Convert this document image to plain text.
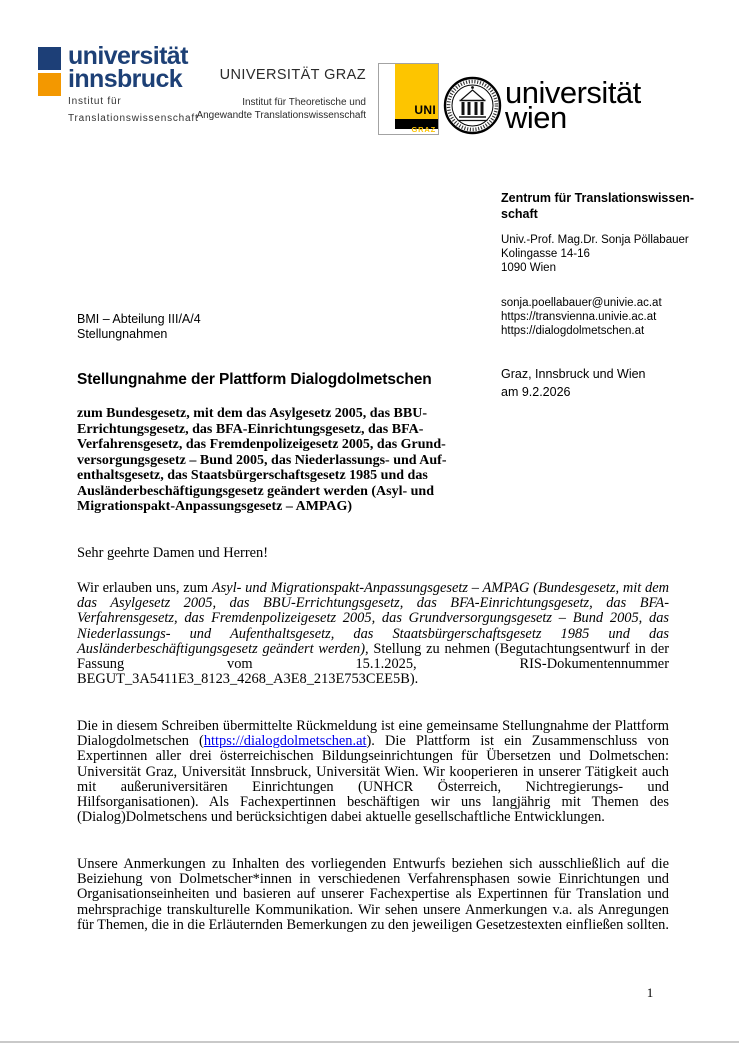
universität
innsbruck
Institut für
Translationswissenschaft
UNIVERSITÄT GRAZ
Institut für Theoretische und
Angewandte Translationswissenschaft	UNI
GRAZ
universität
wien
Zentrum für Translationswissen-
schaft
Univ.-Prof. Mag.Dr. Sonja Pöllabauer
Kolingasse 14-16
1090 Wien
sonja.poellabauer@univie.ac.at
https://transvienna.univie.ac.at
https://dialogdolmetschen.at
Graz, Innsbruck und Wien
am 9.2.2026
BMI – Abteilung III/A/4
Stellungnahmen
Stellungnahme der Plattform Dialogdolmetschen
zum Bundesgesetz, mit dem das Asylgesetz 2005, das BBU-
Errichtungsgesetz, das BFA-Einrichtungsgesetz, das BFA-
Verfahrensgesetz, das Fremdenpolizeigesetz 2005, das Grund-
versorgungsgesetz – Bund 2005, das Niederlassungs- und Auf-
enthaltsgesetz, das Staatsbürgerschaftsgesetz 1985 und das
Ausländerbeschäftigungsgesetz geändert werden (Asyl- und
Migrationspakt-Anpassungsgesetz – AMPAG)
Sehr geehrte Damen und Herren!
Wir erlauben uns, zum Asyl- und Migrationspakt-Anpassungsgesetz – AMPAG (Bundesgesetz, mit dem das Asylgesetz 2005, das BBU-Errichtungsgesetz, das BFA-Einrichtungsgesetz, das BFA-Verfahrensgesetz, das Fremdenpolizeigesetz 2005, das Grundversorgungsgesetz – Bund 2005, das Niederlassungs- und Aufenthaltsgesetz, das Staatsbürgerschaftsgesetz 1985 und das Ausländerbeschäftigungsgesetz geändert werden), Stellung zu nehmen (Begutachtungsentwurf in der Fassung vom 15.1.2025, RIS-Dokumentennummer BEGUT_3A5411E3_8123_4268_A3E8_213E753CEE5B).
Die in diesem Schreiben übermittelte Rückmeldung ist eine gemeinsame Stellungnahme der Plattform Dialogdolmetschen (https://dialogdolmetschen.at). Die Plattform ist ein Zusammenschluss von Expertinnen aller drei österreichischen Bildungseinrichtungen für Übersetzen und Dolmetschen: Universität Graz, Universität Innsbruck, Universität Wien. Wir kooperieren in unserer Tätigkeit auch mit außeruniversitären Einrichtungen (UNHCR Österreich, Nichtregierungs- und Hilfsorganisationen). Als Fachexpertinnen beschäftigen wir uns langjährig mit Themen des (Dialog)Dolmetschens und berücksichtigen dabei aktuelle gesellschaftliche Entwicklungen.
Unsere Anmerkungen zu Inhalten des vorliegenden Entwurfs beziehen sich ausschließlich auf die Beiziehung von Dolmetscher*innen in verschiedenen Verfahrensphasen sowie Einrichtungen und Organisationseinheiten und basieren auf unserer Fachexpertise als Expertinnen für Translation und mehrsprachige transkulturelle Kommunikation. Wir sehen unsere Anmerkungen v.a. als Anregungen für Themen, die in die Erläuternden Bemerkungen zu den jeweiligen Gesetzestexten einfließen sollten.
1
